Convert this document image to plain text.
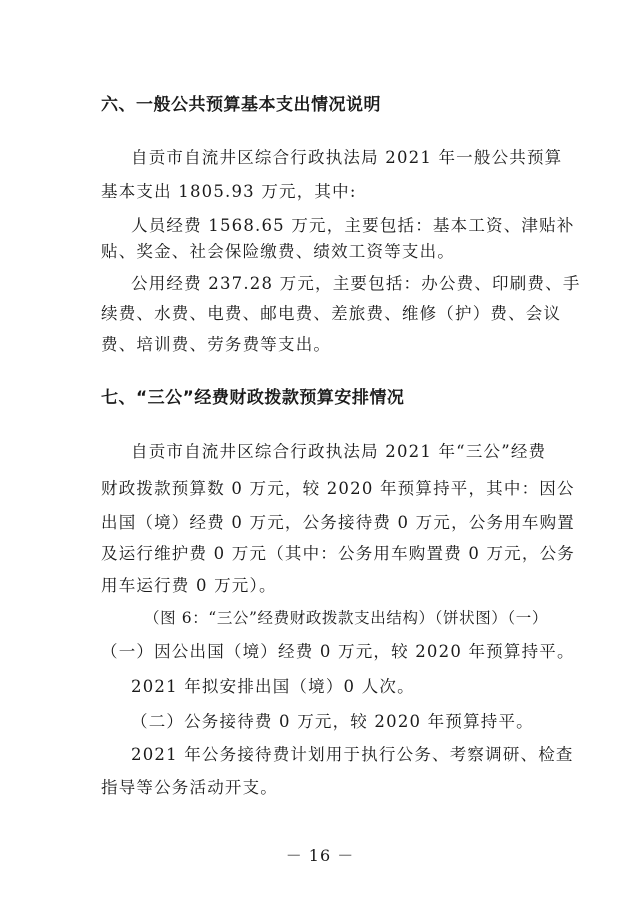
六、一般公共预算基本支出情况说明
自贡市自流井区综合行政执法局 2021 年一般公共预算
基本支出 1805.93 万元，其中:
人员经费 1568.65 万元，主要包括：基本工资、津贴补
贴、奖金、社会保险缴费、绩效工资等支出。
公用经费 237.28 万元，主要包括：办公费、印刷费、手
续费、水费、电费、邮电费、差旅费、维修（护）费、会议
费、培训费、劳务费等支出。
七、“三公”经费财政拨款预算安排情况
自贡市自流井区综合行政执法局 2021 年“三公”经费
财政拨款预算数 0 万元，较 2020 年预算持平，其中：因公
出国（境）经费 0 万元，公务接待费 0 万元，公务用车购置
及运行维护费 0 万元（其中：公务用车购置费 0 万元，公务
用车运行费 0 万元）。
（图 6：“三公”经费财政拨款支出结构）（饼状图）（一）
（一）因公出国（境）经费 0 万元，较 2020 年预算持平。
2021 年拟安排出国（境）0 人次。
（二）公务接待费 0 万元，较 2020 年预算持平。
2021 年公务接待费计划用于执行公务、考察调研、检查
指导等公务活动开支。
－ 16 －
